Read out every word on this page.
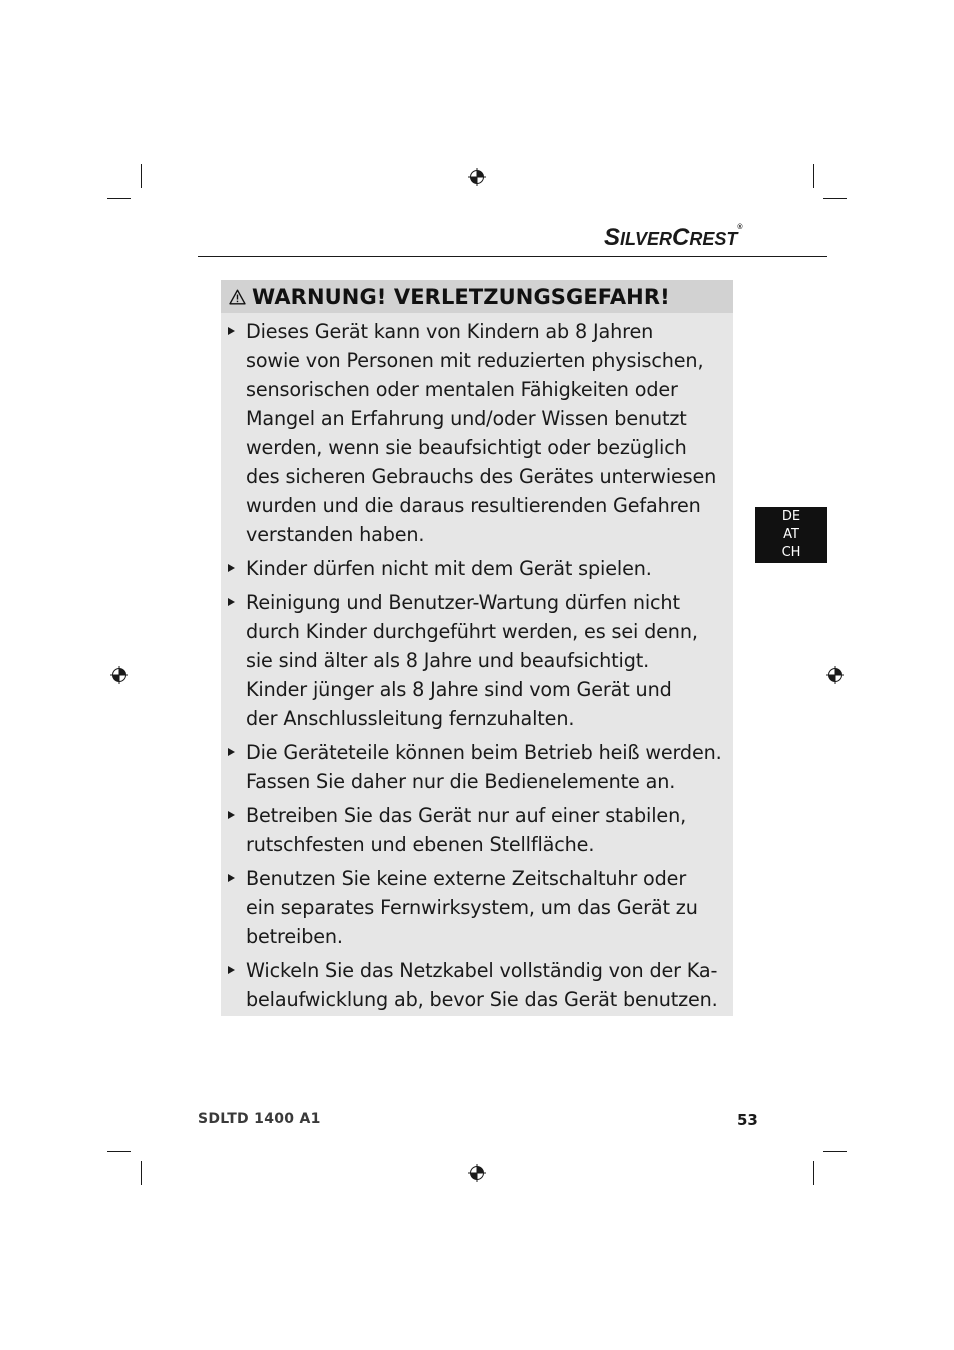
SILVERCREST®
DE
AT
CH
WARNUNG! VERLETZUNGSGEFAHR!
Dieses Gerät kann von Kindern ab 8 Jahren
sowie von Personen mit reduzierten physischen,
sensorischen oder mentalen Fähigkeiten oder
Mangel an Erfahrung und/oder Wissen benutzt
werden, wenn sie beaufsichtigt oder bezüglich
des sicheren Gebrauchs des Gerätes unterwiesen
wurden und die daraus resultierenden Gefahren
verstanden haben.
Kinder dürfen nicht mit dem Gerät spielen.
Reinigung und Benutzer-Wartung dürfen nicht
durch Kinder durchgeführt werden, es sei denn,
sie sind älter als 8 Jahre und beaufsichtigt.
Kinder jünger als 8 Jahre sind vom Gerät und
der Anschlussleitung fernzuhalten.
Die Geräteteile können beim Betrieb heiß werden.
Fassen Sie daher nur die Bedienelemente an.
Betreiben Sie das Gerät nur auf einer stabilen,
rutschfesten und ebenen Stellfläche.
Benutzen Sie keine externe Zeitschaltuhr oder
ein separates Fernwirksystem, um das Gerät zu
betreiben.
Wickeln Sie das Netzkabel vollständig von der Ka-
belaufwicklung ab, bevor Sie das Gerät benutzen.
SDLTD 1400 A1	53
